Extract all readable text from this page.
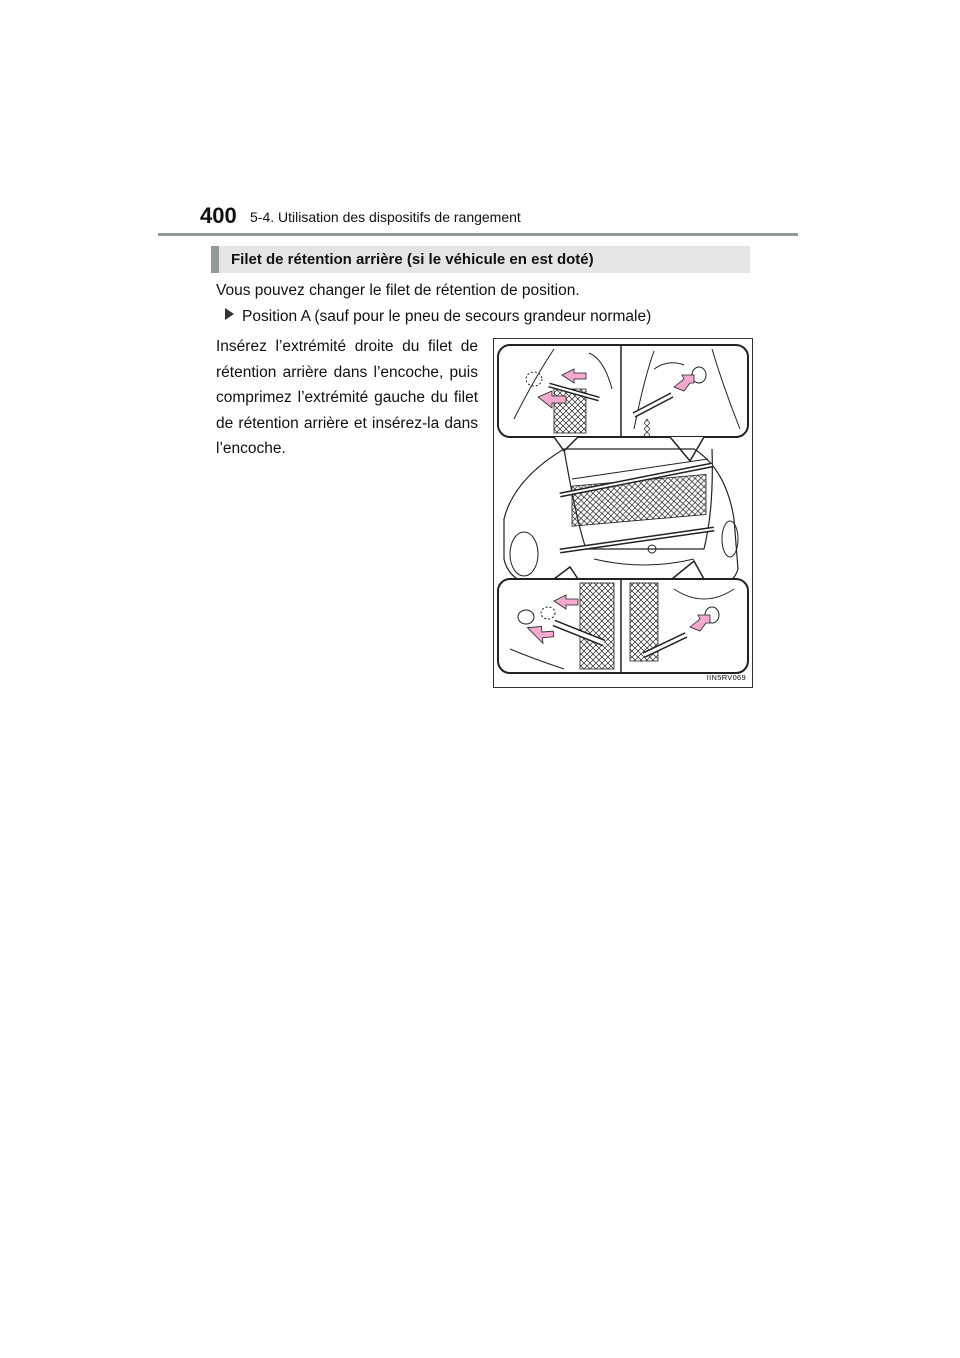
400 5-4. Utilisation des dispositifs de rangement
Filet de rétention arrière (si le véhicule en est doté)
Vous pouvez changer le filet de rétention de position.
Position A (sauf pour le pneu de secours grandeur normale)
Insérez l’extrémité droite du filet de rétention arrière dans l’encoche, puis comprimez l’extrémité gauche du filet de rétention arrière et insérez-la dans l’encoche.
IIN5RV069
